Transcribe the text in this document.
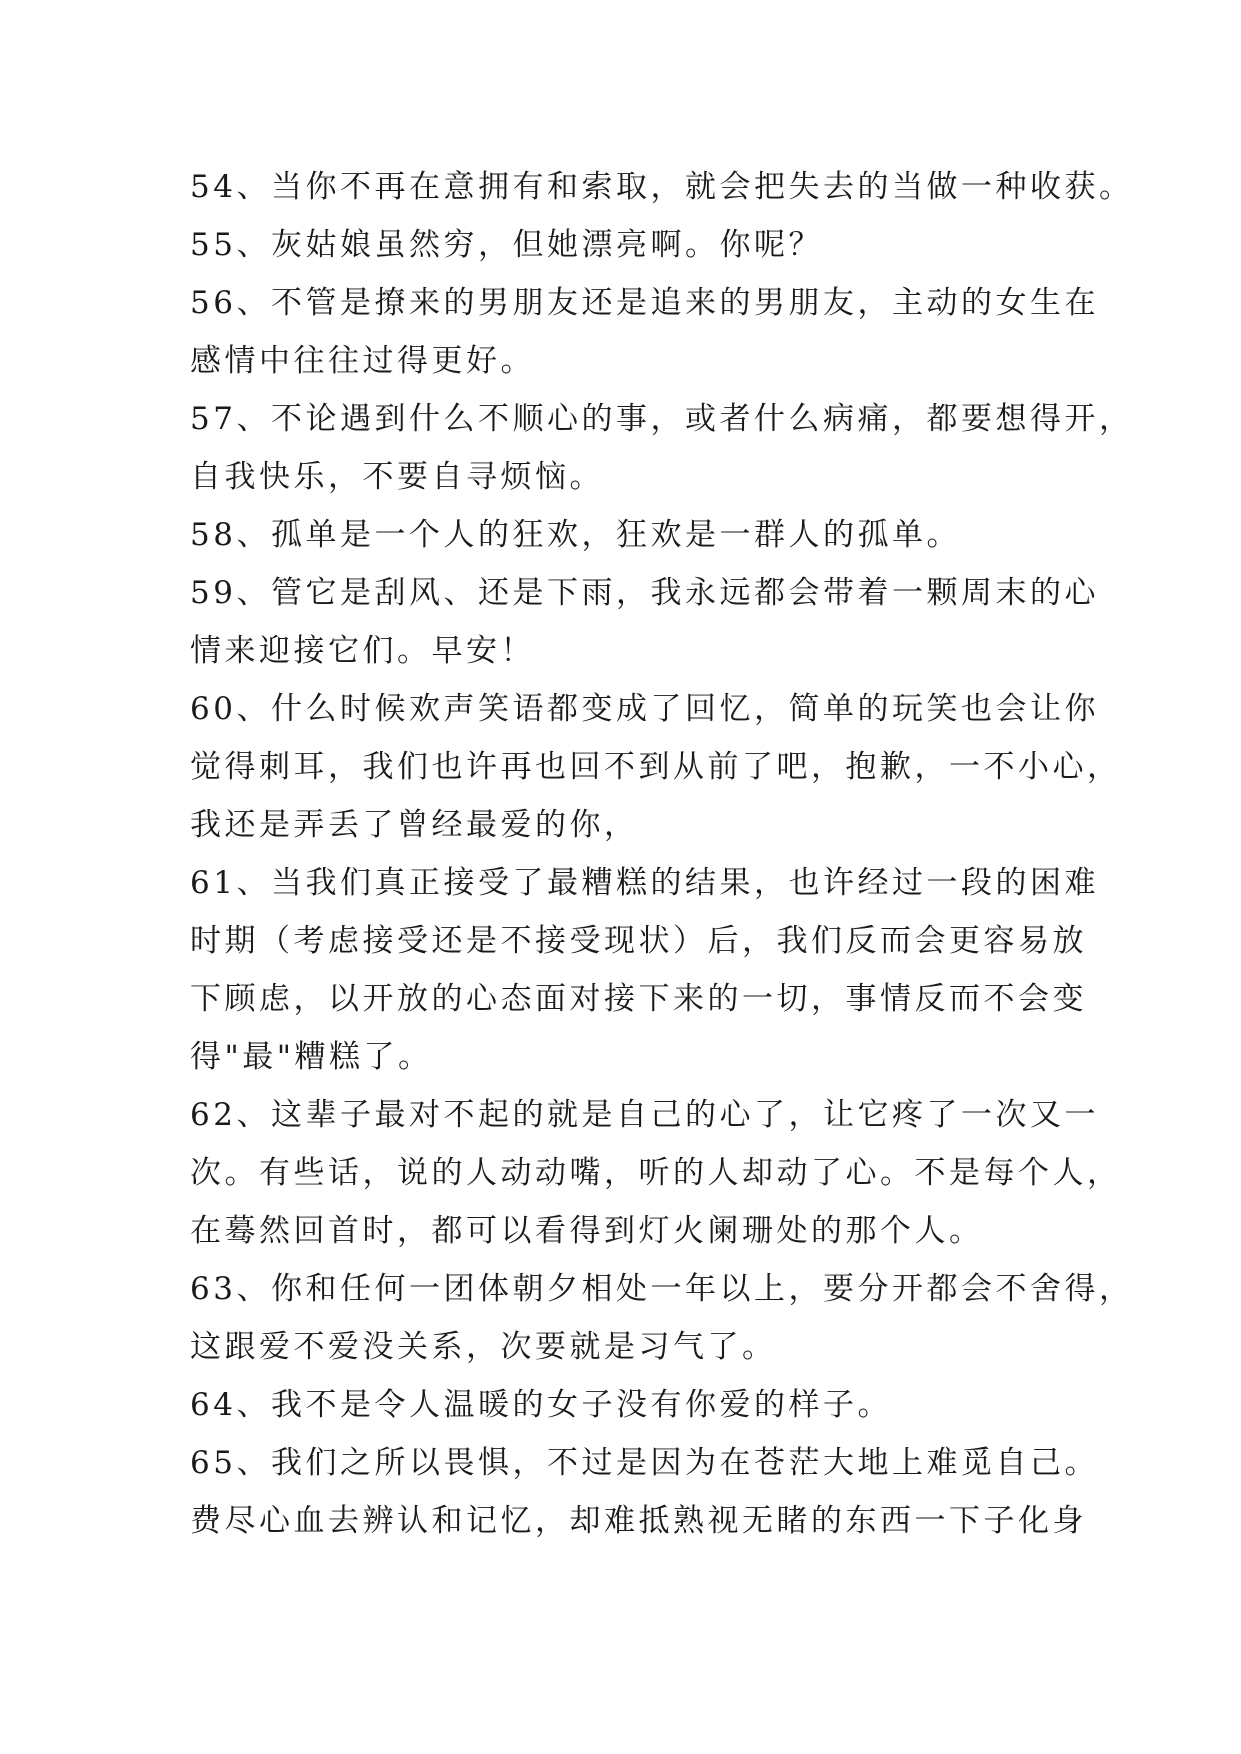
54、当你不再在意拥有和索取，就会把失去的当做一种收获。
55、灰姑娘虽然穷，但她漂亮啊。你呢？
56、不管是撩来的男朋友还是追来的男朋友，主动的女生在
感情中往往过得更好。
57、不论遇到什么不顺心的事，或者什么病痛，都要想得开，
自我快乐，不要自寻烦恼。
58、孤单是一个人的狂欢，狂欢是一群人的孤单。
59、管它是刮风、还是下雨，我永远都会带着一颗周末的心
情来迎接它们。早安！
60、什么时候欢声笑语都变成了回忆，简单的玩笑也会让你
觉得刺耳，我们也许再也回不到从前了吧，抱歉，一不小心，
我还是弄丢了曾经最爱的你，
61、当我们真正接受了最糟糕的结果，也许经过一段的困难
时期（考虑接受还是不接受现状）后，我们反而会更容易放
下顾虑，以开放的心态面对接下来的一切，事情反而不会变
得"最"糟糕了。
62、这辈子最对不起的就是自己的心了，让它疼了一次又一
次。有些话，说的人动动嘴，听的人却动了心。不是每个人，
在蓦然回首时，都可以看得到灯火阑珊处的那个人。
63、你和任何一团体朝夕相处一年以上，要分开都会不舍得，
这跟爱不爱没关系，次要就是习气了。
64、我不是令人温暖的女子没有你爱的样子。
65、我们之所以畏惧，不过是因为在苍茫大地上难觅自己。
费尽心血去辨认和记忆，却难抵熟视无睹的东西一下子化身
